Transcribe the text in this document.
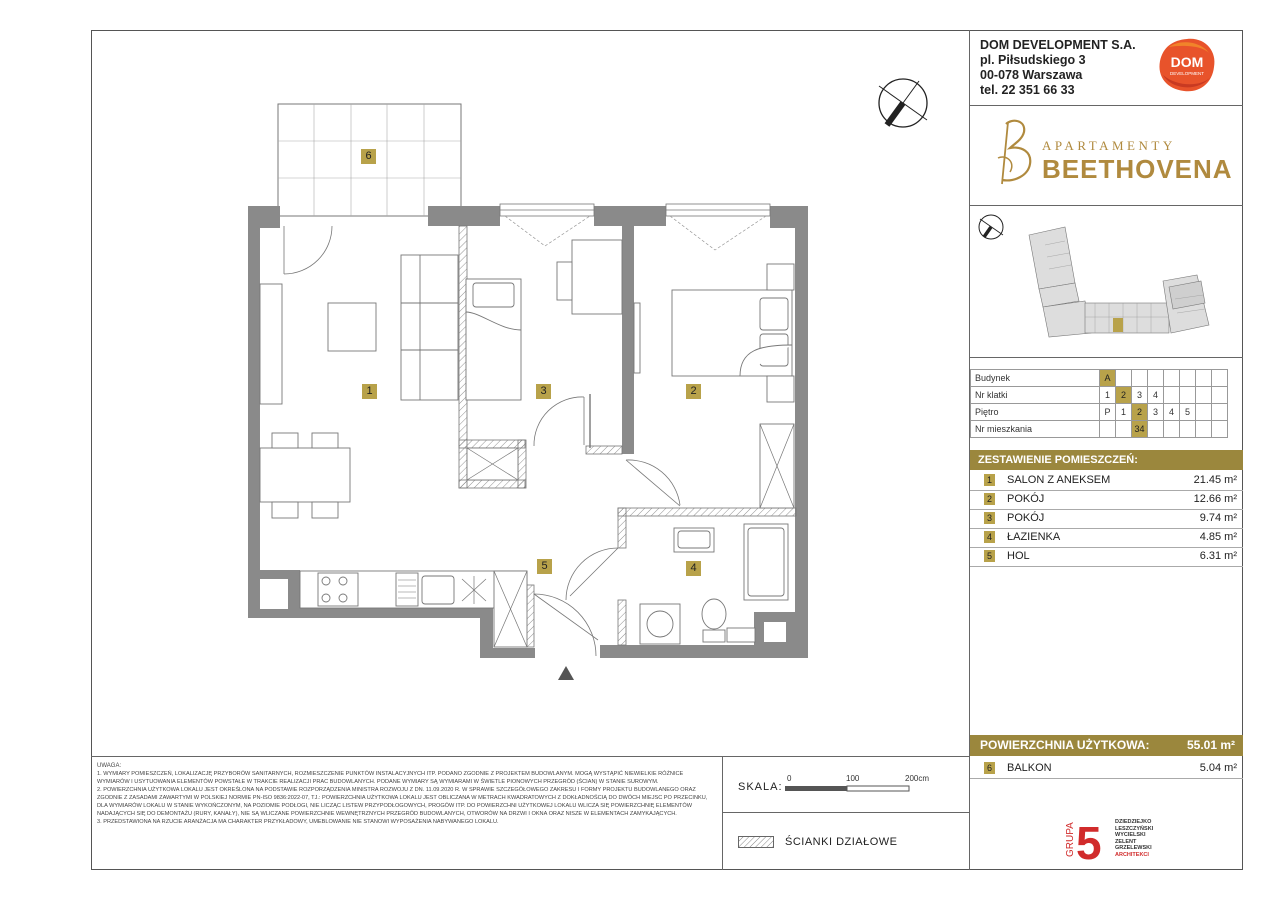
DOM DEVELOPMENT S.A.
pl. Piłsudskiego 3
00-078 Warszawa
tel. 22 351 66 33
DOM
DEVELOPMENT
APARTAMENTY
BEETHOVENA
Budynek	A							
Nr klatki	1	2	3	4				
Piętro	P	1	2	3	4	5		
Nr mieszkania			34					
ZESTAWIENIE POMIESZCZEŃ:
1 SALON Z ANEKSEM	21.45 m²
2 POKÓJ	12.66 m²
3 POKÓJ	9.74 m²
4 ŁAZIENKA	4.85 m²
5 HOL	6.31 m²
POWIERZCHNIA UŻYTKOWA:	55.01 m²
6 BALKON	5.04 m²
UWAGA:
1. WYMIARY POMIESZCZEŃ, LOKALIZACJĘ PRZYBORÓW SANITARNYCH, ROZMIESZCZENIE PUNKTÓW INSTALACYJNYCH ITP. PODANO ZGODNIE Z PROJEKTEM BUDOWLANYM. MOGĄ WYSTĄPIĆ NIEWIELKIE RÓŻNICE WYMIARÓW I USYTUOWANIA ELEMENTÓW POWSTAŁE W TRAKCIE REALIZACJI PRAC BUDOWLANYCH. PODANE WYMIARY SĄ WYMIARAMI W ŚWIETLE PIONOWYCH PRZEGRÓD (ŚCIAN) W STANIE SUROWYM.
2. POWIERZCHNIA UŻYTKOWA LOKALU JEST OKREŚLONA NA PODSTAWIE ROZPORZĄDZENIA MINISTRA ROZWOJU Z DN. 11.09.2020 R. W SPRAWIE SZCZEGÓŁOWEGO ZAKRESU I FORMY PROJEKTU BUDOWLANEGO ORAZ ZGODNIE Z ZASADAMI ZAWARTYMI W POLSKIEJ NORMIE PN-ISO 9836:2022-07, TJ.: POWIERZCHNIA UŻYTKOWA LOKALU JEST OBLICZANA W METRACH KWADRATOWYCH Z DOKŁADNOŚCIĄ DO DWÓCH MIEJSC PO PRZECINKU, DLA WYMIARÓW LOKALU W STANIE WYKOŃCZONYM, NA POZIOMIE PODŁOGI, NIE LICZĄC LISTEW PRZYPODŁOGOWYCH, PROGÓW ITP. DO POWIERZCHNI UŻYTKOWEJ LOKALU WLICZA SIĘ POWIERZCHNIĘ ELEMENTÓW NADAJĄCYCH SIĘ DO DEMONTAŻU (RURY, KANAŁY), NIE SĄ WLICZANE POWIERZCHNIE WEWNĘTRZNYCH PRZEGRÓD BUDOWLANYCH, OTWORÓW NA DRZWI I OKNA ORAZ NISZE W ELEMENTACH ZAMYKAJĄCYCH.
3. PRZEDSTAWIONA NA RZUCIE ARANŻACJA MA CHARAKTER PRZYKŁADOWY, UMEBLOWANIE NIE STANOWI WYPOSAŻENIA NABYWANEGO LOKALU.
SKALA:
0	100	200cm
ŚCIANKI DZIAŁOWE	GRUPA 5 DZIEDZIEJKO
LESZCZYŃSKI
WYCIELSKI
ZELENT
GRZELEWSKI
ARCHITEKCI
6
1	3	2
5	4
